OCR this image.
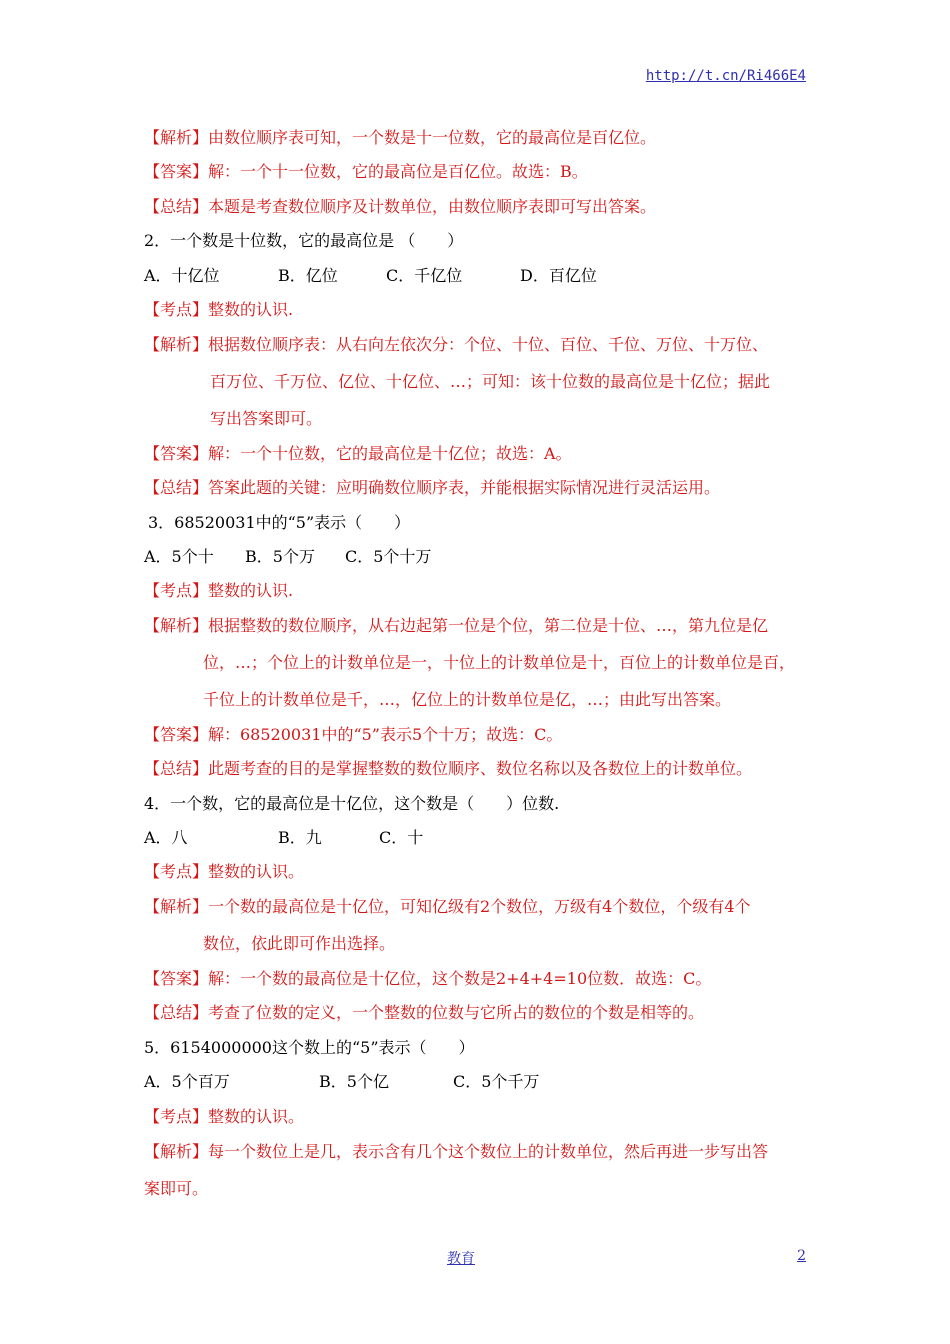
http://t.cn/Ri466E4
【解析】由数位顺序表可知，一个数是十一位数，它的最高位是百亿位。
【答案】解：一个十一位数，它的最高位是百亿位。故选：B。
【总结】本题是考查数位顺序及计数单位，由数位顺序表即可写出答案。
2．一个数是十位数，它的最高位是 （　　）
A．十亿位	B．亿位	C．千亿位	D．百亿位
【考点】整数的认识.
【解析】根据数位顺序表：从右向左依次分：个位、十位、百位、千位、万位、十万位、
百万位、千万位、亿位、十亿位、…；可知：该十位数的最高位是十亿位；据此
写出答案即可。
【答案】解：一个十位数，它的最高位是十亿位；故选：A。
【总结】答案此题的关键：应明确数位顺序表，并能根据实际情况进行灵活运用。
3．68520031中的“5”表示（　　）
A．5个十 B．5个万 C．5个十万
【考点】整数的认识.
【解析】根据整数的数位顺序，从右边起第一位是个位，第二位是十位、…，第九位是亿
位，…；个位上的计数单位是一，十位上的计数单位是十，百位上的计数单位是百，
千位上的计数单位是千，…，亿位上的计数单位是亿，…；由此写出答案。
【答案】解：68520031中的“5”表示5个十万；故选：C。
【总结】此题考查的目的是掌握整数的数位顺序、数位名称以及各数位上的计数单位。
4．一个数，它的最高位是十亿位，这个数是（　　）位数.
A．八	B．九	C．十
【考点】整数的认识。
【解析】一个数的最高位是十亿位，可知亿级有2个数位，万级有4个数位，个级有4个
数位，依此即可作出选择。
【答案】解：一个数的最高位是十亿位，这个数是2+4+4=10位数．故选：C。
【总结】考查了位数的定义，一个整数的位数与它所占的数位的个数是相等的。
5．6154000000这个数上的“5”表示（　　）
A．5个百万	B．5个亿	C．5个千万
【考点】整数的认识。
【解析】每一个数位上是几，表示含有几个这个数位上的计数单位，然后再进一步写出答
案即可。
教育	2
